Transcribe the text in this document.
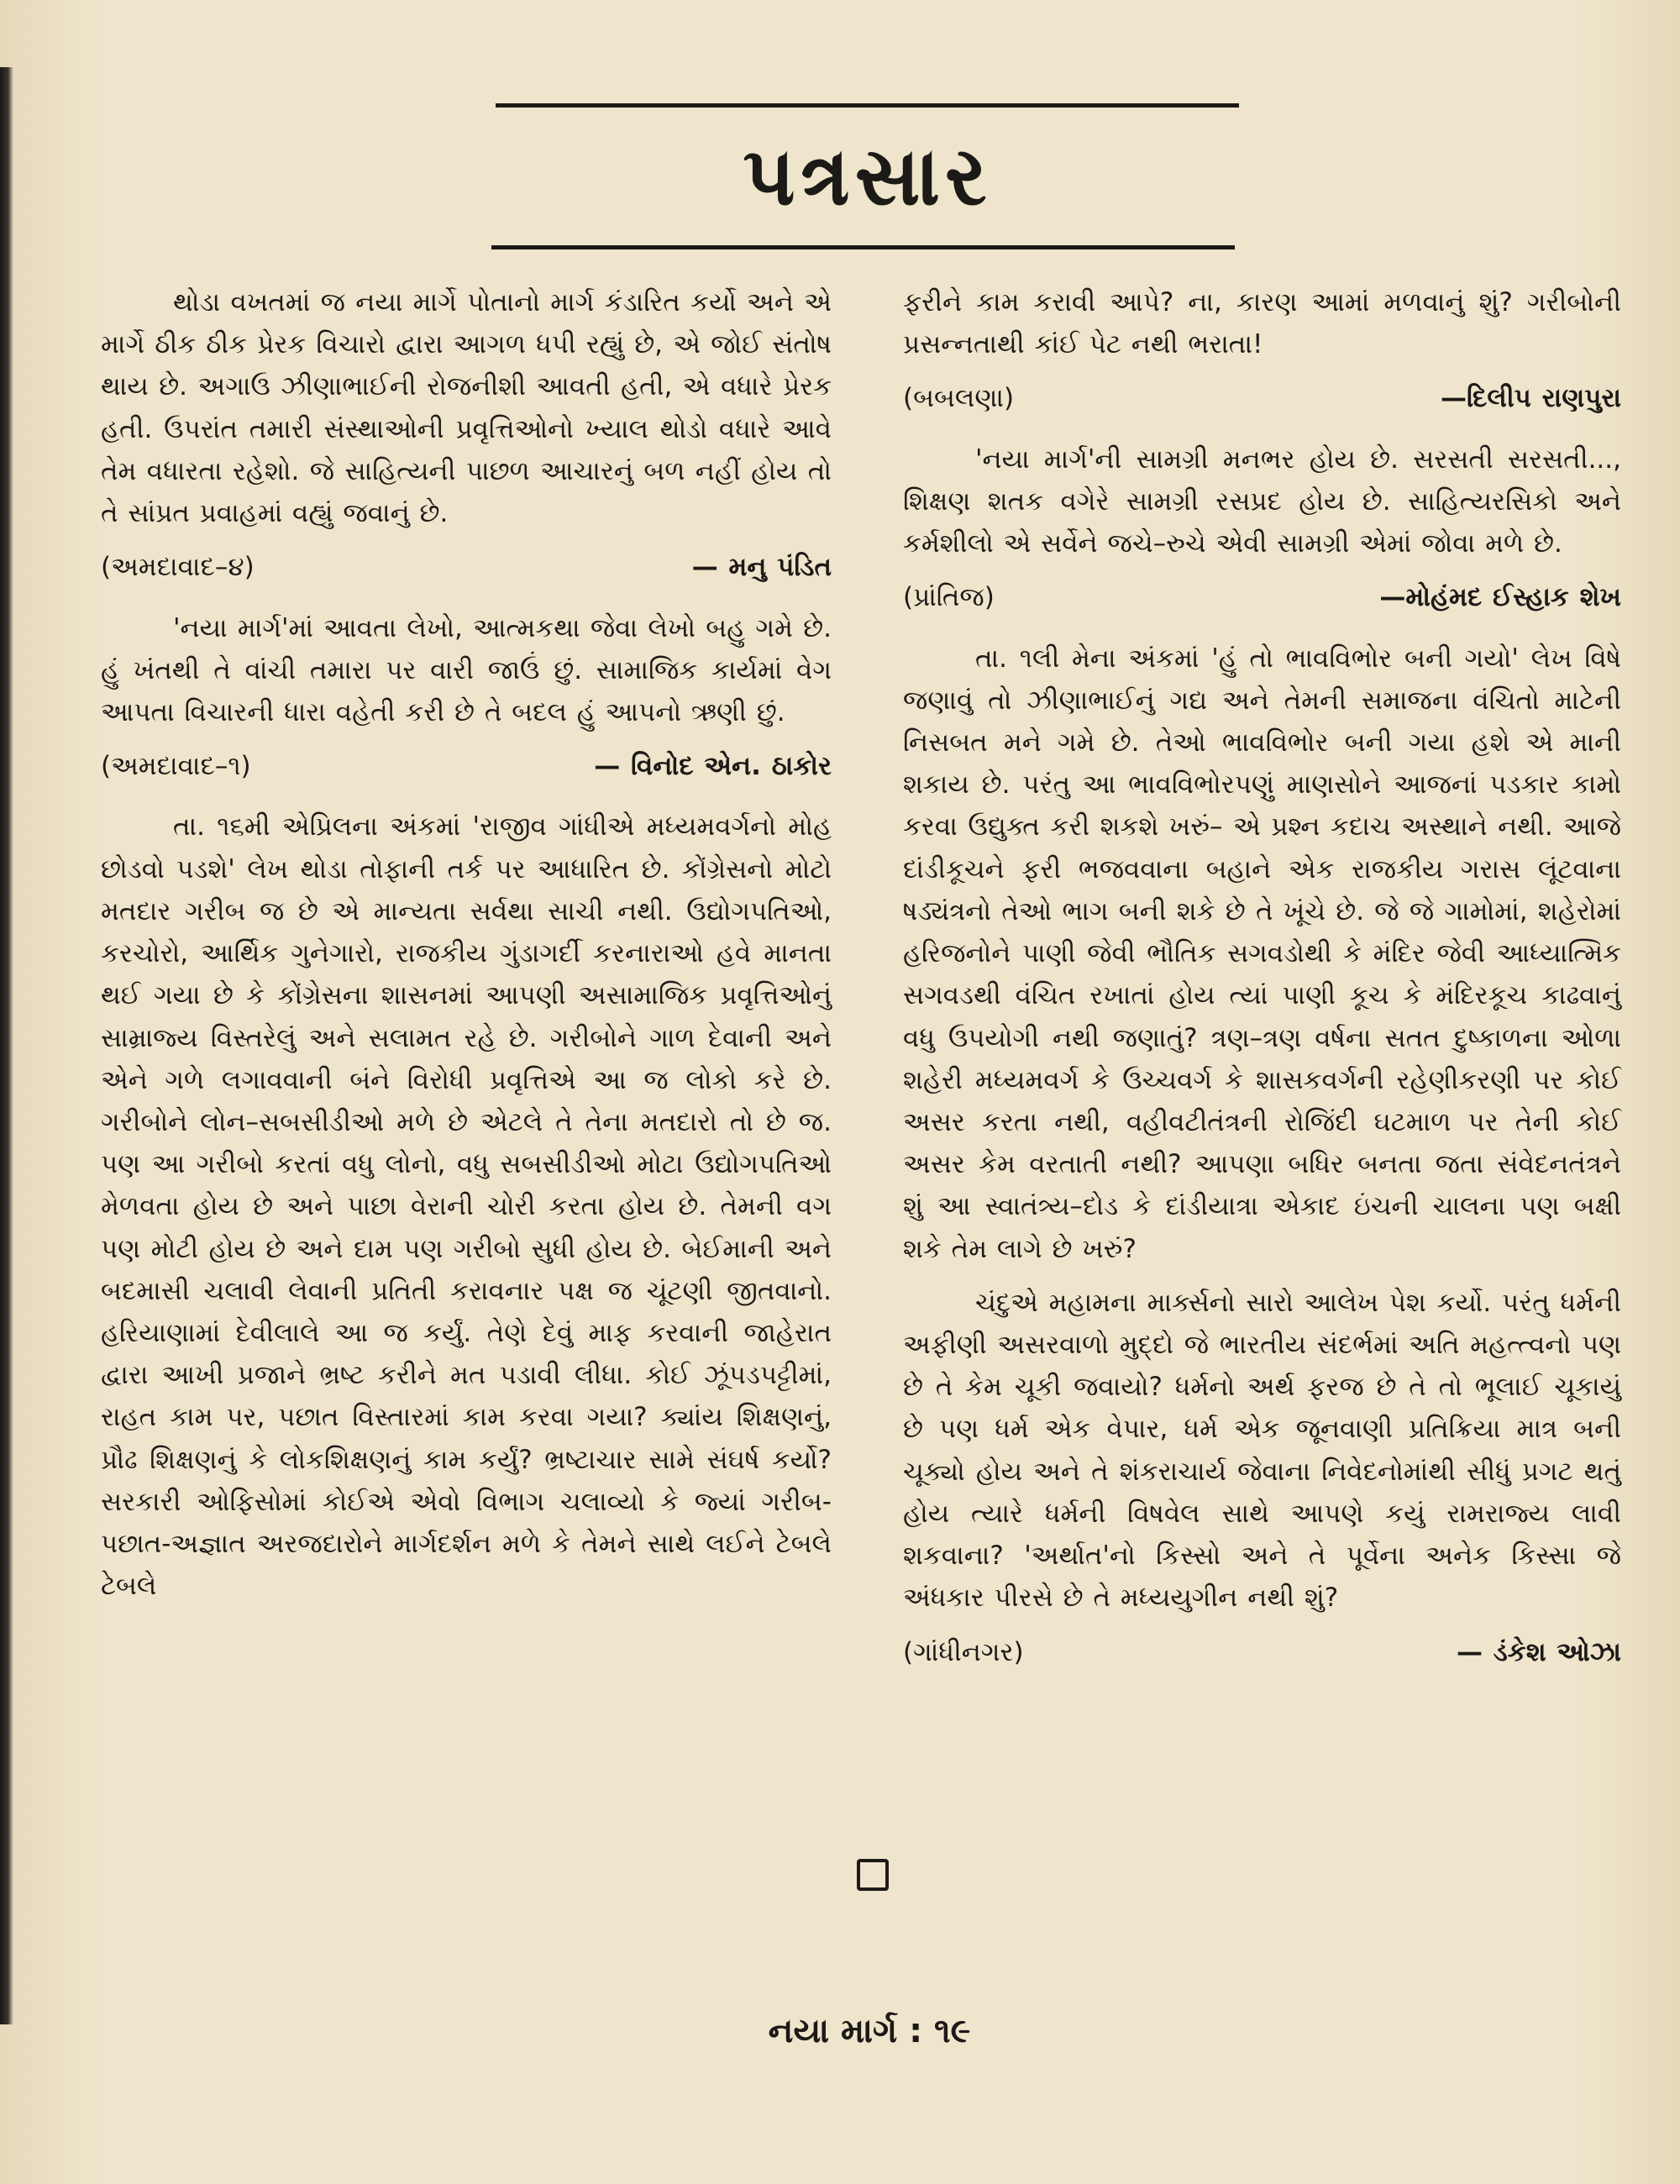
પત્રસાર

થોડા વખતમાં જ નયા માર્ગે પોતાનો માર્ગ કંડારિત કર્યો અને એ માર્ગે ઠીક ઠીક પ્રેરક વિચારો દ્વારા આગળ ધપી રહ્યું છે, એ જોઈ સંતોષ થાય છે. અગાઉ ઝીણાભાઈની રોજનીશી આવતી હતી, એ વધારે પ્રેરક હતી. ઉપરાંત તમારી સંસ્થાઓની પ્રવૃત્તિઓનો ખ્યાલ થોડો વધારે આવે તેમ વધારતા રહેશો. જે સાહિત્યની પાછળ આચારનું બળ નહીં હોય તો તે સાંપ્રત પ્રવાહમાં વહ્યું જવાનું છે.

(અમદાવાદ–૪)	— મનુ પંડિત

'નયા માર્ગ'માં આવતા લેખો, આત્મકથા જેવા લેખો બહુ ગમે છે. હું ખંતથી તે વાંચી તમારા પર વારી જાઉં છું. સામાજિક કાર્યમાં વેગ આપતા વિચારની ધારા વહેતી કરી છે તે બદલ હું આપનો ઋણી છું.

(અમદાવાદ–૧)	— વિનોદ એન. ઠાકોર

તા. ૧૬મી એપ્રિલના અંકમાં 'રાજીવ ગાંધીએ મધ્યમવર્ગનો મોહ છોડવો પડશે' લેખ થોડા તોફાની તર્ક પર આધારિત છે. કોંગ્રેસનો મોટો મતદાર ગરીબ જ છે એ માન્યતા સર્વથા સાચી નથી. ઉદ્યોગપતિઓ, કરચોરો, આર્થિક ગુનેગારો, રાજકીય ગુંડાગર્દી કરનારાઓ હવે માનતા થઈ ગયા છે કે કોંગ્રેસના શાસનમાં આપણી અસામાજિક પ્રવૃત્તિઓનું સામ્રાજ્ય વિસ્તરેલું અને સલામત રહે છે. ગરીબોને ગાળ દેવાની અને એને ગળે લગાવવાની બંને વિરોધી પ્રવૃત્તિએ આ જ લોકો કરે છે. ગરીબોને લોન–સબસીડીઓ મળે છે એટલે તે તેના મતદારો તો છે જ. પણ આ ગરીબો કરતાં વધુ લોનો, વધુ સબસીડીઓ મોટા ઉદ્યોગપતિઓ મેળવતા હોય છે અને પાછા વેરાની ચોરી કરતા હોય છે. તેમની વગ પણ મોટી હોય છે અને દામ પણ ગરીબો સુધી હોય છે. બેઈમાની અને બદમાસી ચલાવી લેવાની પ્રતિતી કરાવનાર પક્ષ જ ચૂંટણી જીતવાનો. હરિયાણામાં દેવીલાલે આ જ કર્યું. તેણે દેવું માફ કરવાની જાહેરાત દ્વારા આખી પ્રજાને ભ્રષ્ટ કરીને મત પડાવી લીધા. કોઈ ઝૂંપડપટ્ટીમાં, રાહત કામ પર, પછાત વિસ્તારમાં કામ કરવા ગયા? ક્યાંય શિક્ષણનું, પ્રૌઢ શિક્ષણનું કે લોકશિક્ષણનું કામ કર્યું? ભ્રષ્ટાચાર સામે સંઘર્ષ કર્યો? સરકારી ઓફિસોમાં કોઈએ એવો વિભાગ ચલાવ્યો કે જ્યાં ગરીબ-પછાત-અજ્ઞાત અરજદારોને માર્ગદર્શન મળે કે તેમને સાથે લઈને ટેબલે ટેબલે

ફરીને કામ કરાવી આપે? ના, કારણ આમાં મળવાનું શું? ગરીબોની પ્રસન્નતાથી કાંઈ પેટ નથી ભરાતા!

(બબલણા)	—દિલીપ રાણપુરા

'નયા માર્ગ'ની સામગ્રી મનભર હોય છે. સરસતી સરસતી..., શિક્ષણ શતક વગેરે સામગ્રી રસપ્રદ હોય છે. સાહિત્યરસિકો અને કર્મશીલો એ સર્વેને જચે–રુચે એવી સામગ્રી એમાં જોવા મળે છે.

(પ્રાંતિજ)	—મોહંમદ ઈસ્હાક શેખ

તા. ૧લી મેના અંકમાં 'હું તો ભાવવિભોર બની ગયો' લેખ વિષે જણાવું તો ઝીણાભાઈનું ગદ્ય અને તેમની સમાજના વંચિતો માટેની નિસબત મને ગમે છે. તેઓ ભાવવિભોર બની ગયા હશે એ માની શકાય છે. પરંતુ આ ભાવવિભોરપણું માણસોને આજનાં પડકાર કામો કરવા ઉદ્યુક્ત કરી શકશે ખરું– એ પ્રશ્ન કદાચ અસ્થાને નથી. આજે દાંડીકૂચને ફરી ભજવવાના બહાને એક રાજકીય ગરાસ લૂંટવાના ષડ્યંત્રનો તેઓ ભાગ બની શકે છે તે ખૂંચે છે. જે જે ગામોમાં, શહેરોમાં હરિજનોને પાણી જેવી ભૌતિક સગવડોથી કે મંદિર જેવી આધ્યાત્મિક સગવડથી વંચિત રખાતાં હોય ત્યાં પાણી કૂચ કે મંદિરકૂચ કાઢવાનું વધુ ઉપયોગી નથી જણાતું? ત્રણ–ત્રણ વર્ષના સતત દુષ્કાળના ઓળા શહેરી મધ્યમવર્ગ કે ઉચ્ચવર્ગ કે શાસકવર્ગની રહેણીકરણી પર કોઈ અસર કરતા નથી, વહીવટીતંત્રની રોજિંદી ઘટમાળ પર તેની કોઈ અસર કેમ વરતાતી નથી? આપણા બધિર બનતા જતા સંવેદનતંત્રને શું આ સ્વાતંત્ર્ય–દોડ કે દાંડીયાત્રા એકાદ ઇંચની ચાલના પણ બક્ષી શકે તેમ લાગે છે ખરું?

ચંદુએ મહામના માર્ક્સનો સારો આલેખ પેશ કર્યો. પરંતુ ધર્મની અફીણી અસરવાળો મુદ્દો જે ભારતીય સંદર્ભમાં અતિ મહત્ત્વનો પણ છે તે કેમ ચૂકી જવાયો? ધર્મનો અર્થ ફરજ છે તે તો ભૂલાઈ ચૂકાયું છે પણ ધર્મ એક વેપાર, ધર્મ એક જૂનવાણી પ્રતિક્રિયા માત્ર બની ચૂક્યો હોય અને તે શંકરાચાર્ય જેવાના નિવેદનોમાંથી સીધું પ્રગટ થતું હોય ત્યારે ધર્મની વિષવેલ સાથે આપણે કયું રામરાજ્ય લાવી શકવાના? 'અર્થાત'નો કિસ્સો અને તે પૂર્વેના અનેક કિસ્સા જે અંધકાર પીરસે છે તે મધ્યયુગીન નથી શું?

(ગાંધીનગર)	— ડંકેશ ઓઝા
નયા માર્ગ : ૧૯
